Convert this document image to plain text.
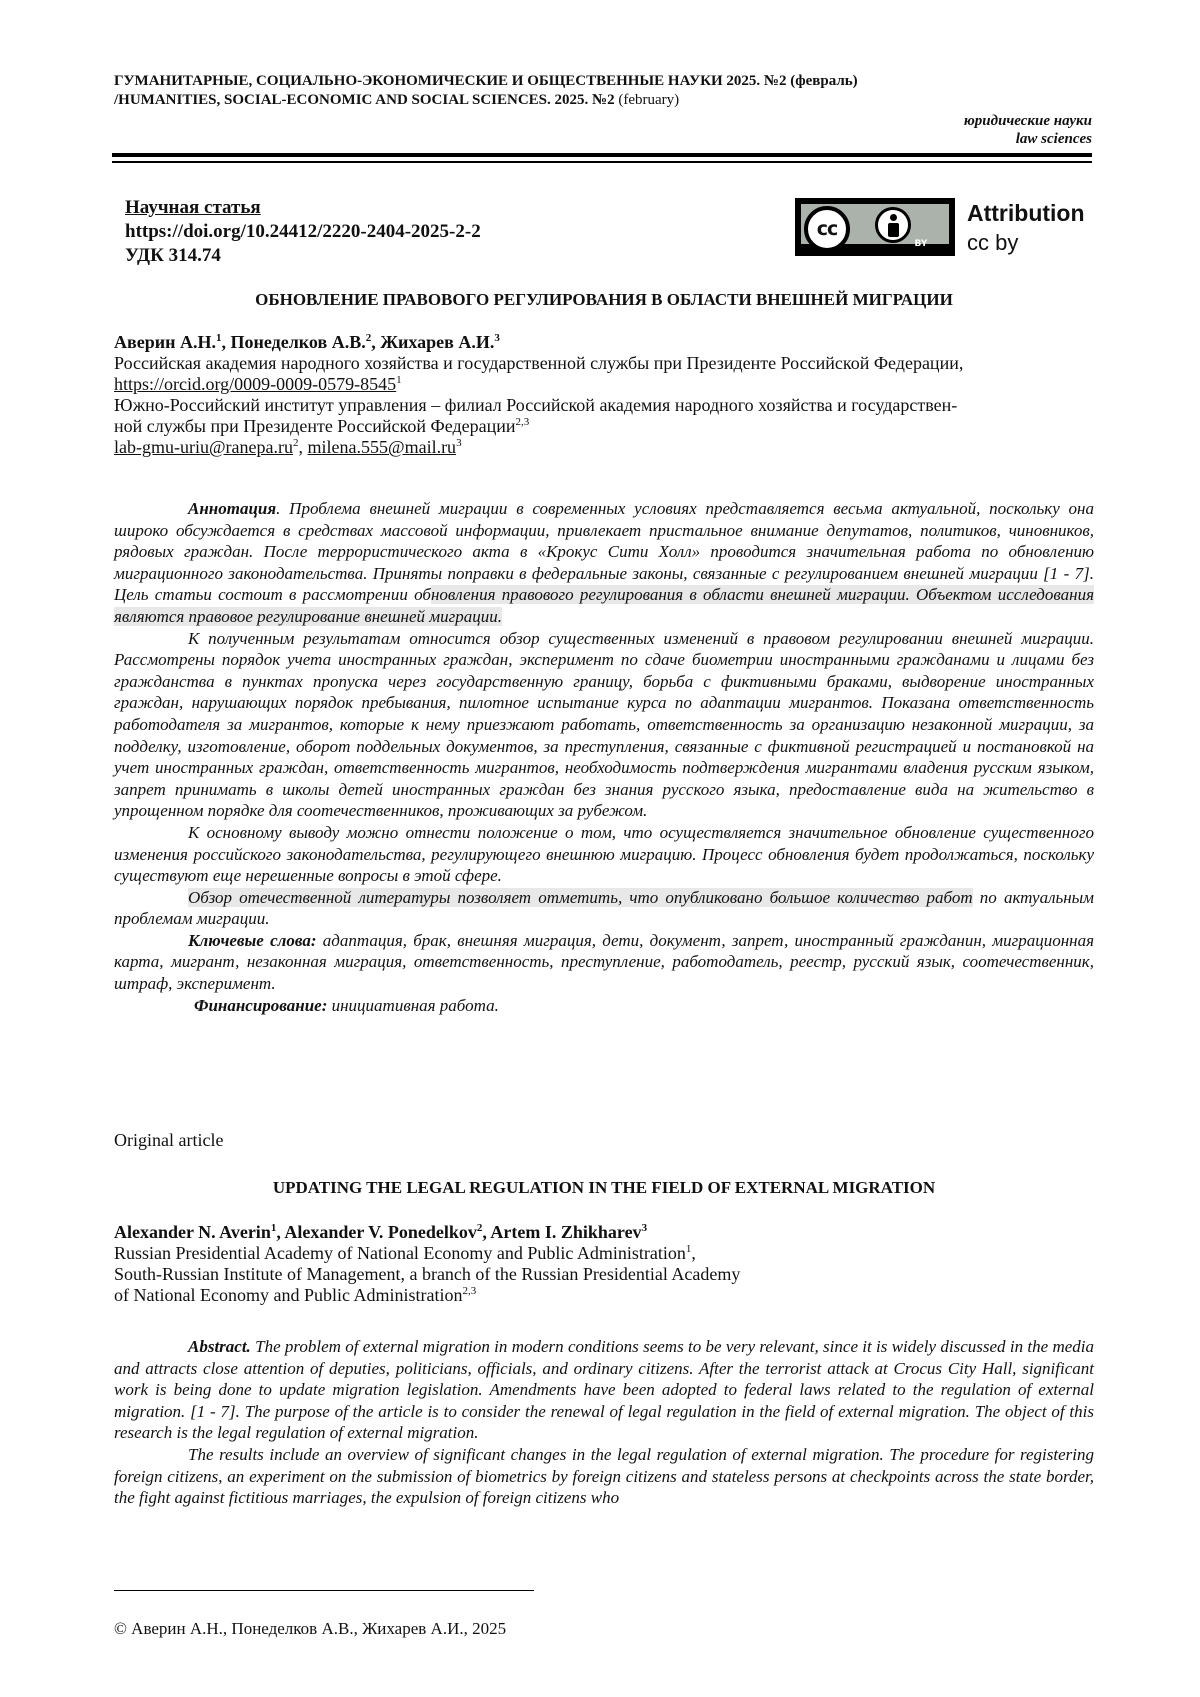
ГУМАНИТАРНЫЕ, СОЦИАЛЬНО-ЭКОНОМИЧЕСКИЕ И ОБЩЕСТВЕННЫЕ НАУКИ 2025. №2 (февраль)
/HUMANITIES, SOCIAL-ECONOMIC AND SOCIAL SCIENCES. 2025. №2 (february)
юридические науки
law sciences
Научная статья
https://doi.org/10.24412/2220-2404-2025-2-2
УДК 314.74
cc
BY
Attribution
cc by
ОБНОВЛЕНИЕ ПРАВОВОГО РЕГУЛИРОВАНИЯ В ОБЛАСТИ ВНЕШНЕЙ МИГРАЦИИ
Аверин А.Н.$^1$, Понеделков А.В.$^2$, Жихарев А.И.$^3$
Российская академия народного хозяйства и государственной службы при Президенте Российской Федерации,
https://orcid.org/0009-0009-0579-8545$^1$
Южно-Российский институт управления – филиал Российской академия народного хозяйства и государствен-
ной службы при Президенте Российской Федерации$^{2,3}$
lab-$gmu-uriu@ranepa.ru^2$, $milena.555@mail.ru^3$

Аннотация. Проблема внешней миграции в современных условиях представляется весьма актуальной, поскольку она широко обсуждается в средствах массовой информации, привлекает пристальное внимание депутатов, политиков, чиновников, рядовых граждан. После террористического акта в «Крокус Сити Холл» проводится значительная работа по обновлению миграционного законодательства. Приняты поправки в федеральные законы, связанные с регулированием внешней миграции [1 - 7]. Цель статьи состоит в рассмотрении обновления правового регулирования в области внешней миграции. Объектом исследования являются правовое регулирование внешней миграции.

К полученным результатам относится обзор существенных изменений в правовом регулировании внешней миграции. Рассмотрены порядок учета иностранных граждан, эксперимент по сдаче биометрии иностранными гражданами и лицами без гражданства в пунктах пропуска через государственную границу, борьба с фиктивными браками, выдворение иностранных граждан, нарушающих порядок пребывания, пилотное испытание курса по адаптации мигрантов. Показана ответственность работодателя за мигрантов, которые к нему приезжают работать, ответственность за организацию незаконной миграции, за подделку, изготовление, оборот поддельных документов, за преступления, связанные с фиктивной регистрацией и постановкой на учет иностранных граждан, ответственность мигрантов, необходимость подтверждения мигрантами владения русским языком, запрет принимать в школы детей иностранных граждан без знания русского языка, предоставление вида на жительство в упрощенном порядке для соотечественников, проживающих за рубежом.

К основному выводу можно отнести положение о том, что осуществляется значительное обновление существенного изменения российского законодательства, регулирующего внешнюю миграцию. Процесс обновления будет продолжаться, поскольку существуют еще нерешенные вопросы в этой сфере.

Обзор отечественной литературы позволяет отметить, что опубликовано большое количество работ по актуальным проблемам миграции.

Ключевые слова: адаптация, брак, внешняя миграция, дети, документ, запрет, иностранный гражданин, миграционная карта, мигрант, незаконная миграция, ответственность, преступление, работодатель, реестр, русский язык, соотечественник, штраф, эксперимент.

Финансирование: инициативная работа.

Original article
UPDATING THE LEGAL REGULATION IN THE FIELD OF EXTERNAL MIGRATION
Alexander N. Averin$^1$, Alexander V. Ponedelkov$^2$, Artem I. Zhikharev$^3$
Russian Presidential Academy of National Economy and Public Administration$^1$,
South-Russian Institute of Management, a branch of the Russian Presidential Academy
of National Economy and Public Administration$^{2,3}$

Abstract. The problem of external migration in modern conditions seems to be very relevant, since it is widely discussed in the media and attracts close attention of deputies, politicians, officials, and ordinary citizens. After the terrorist attack at Crocus City Hall, significant work is being done to update migration legislation. Amendments have been adopted to federal laws related to the regulation of external migration. [1 - 7]. The purpose of the article is to consider the renewal of legal regulation in the field of external migration. The object of this research is the legal regulation of external migration.

The results include an overview of significant changes in the legal regulation of external migration. The procedure for registering foreign citizens, an experiment on the submission of biometrics by foreign citizens and stateless persons at checkpoints across the state border, the fight against fictitious marriages, the expulsion of foreign citizens who

© Аверин А.Н., Понеделков А.В., Жихарев А.И., 2025
